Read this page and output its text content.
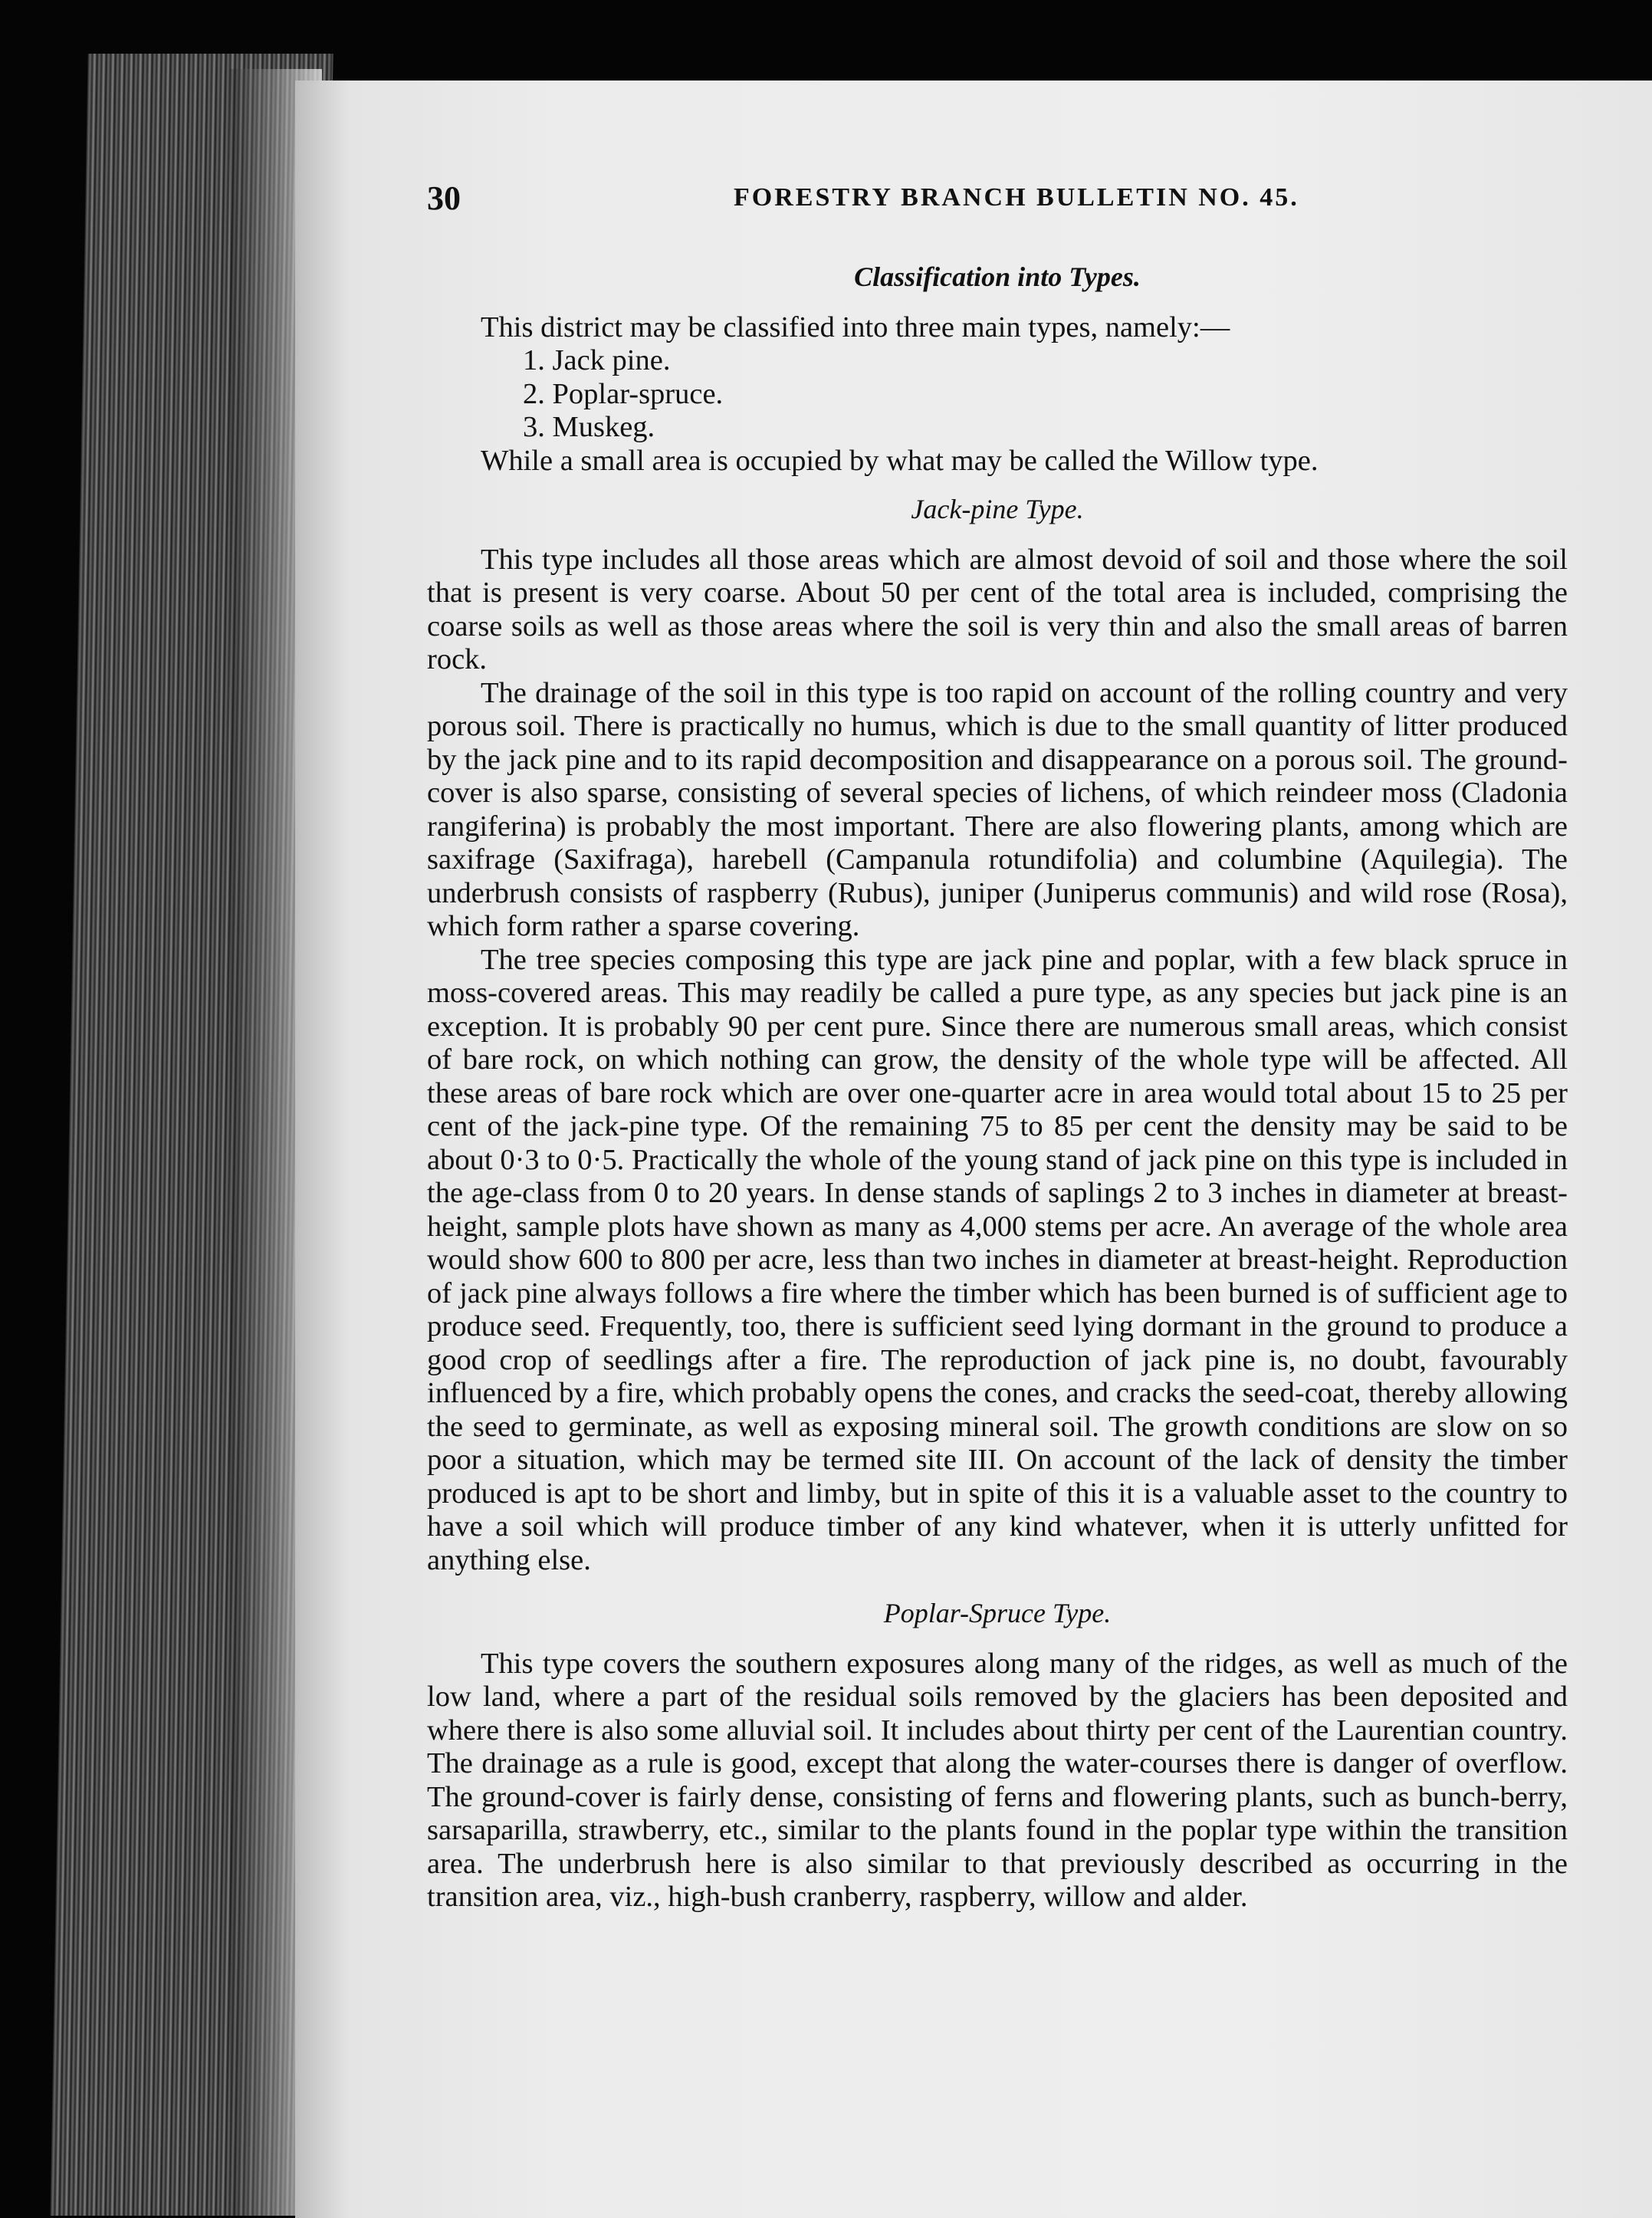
30	FORESTRY BRANCH BULLETIN NO. 45.
Classification into Types.

This district may be classified into three main types, namely:—

1. Jack pine.
2. Poplar-spruce.
3. Muskeg.

While a small area is occupied by what may be called the Willow type.

Jack-pine Type.

This type includes all those areas which are almost devoid of soil and those where the soil that is present is very coarse. About 50 per cent of the total area is included, comprising the coarse soils as well as those areas where the soil is very thin and also the small areas of barren rock.

The drainage of the soil in this type is too rapid on account of the rolling country and very porous soil. There is practically no humus, which is due to the small quantity of litter produced by the jack pine and to its rapid decomposition and disappearance on a porous soil. The ground-cover is also sparse, consisting of several species of lichens, of which reindeer moss (Cladonia rangiferina) is probably the most important. There are also flowering plants, among which are saxifrage (Saxifraga), harebell (Campanula rotundifolia) and columbine (Aquilegia). The underbrush consists of raspberry (Rubus), juniper (Juniperus communis) and wild rose (Rosa), which form rather a sparse covering.

The tree species composing this type are jack pine and poplar, with a few black spruce in moss-covered areas. This may readily be called a pure type, as any species but jack pine is an exception. It is probably 90 per cent pure. Since there are numerous small areas, which consist of bare rock, on which nothing can grow, the density of the whole type will be affected. All these areas of bare rock which are over one-quarter acre in area would total about 15 to 25 per cent of the jack-pine type. Of the remaining 75 to 85 per cent the density may be said to be about 0·3 to 0·5. Practically the whole of the young stand of jack pine on this type is included in the age-class from 0 to 20 years. In dense stands of saplings 2 to 3 inches in diameter at breast-height, sample plots have shown as many as 4,000 stems per acre. An average of the whole area would show 600 to 800 per acre, less than two inches in diameter at breast-height. Reproduction of jack pine always follows a fire where the timber which has been burned is of sufficient age to produce seed. Frequently, too, there is sufficient seed lying dormant in the ground to produce a good crop of seedlings after a fire. The reproduction of jack pine is, no doubt, favourably influenced by a fire, which probably opens the cones, and cracks the seed-coat, thereby allowing the seed to germinate, as well as exposing mineral soil. The growth conditions are slow on so poor a situation, which may be termed site III. On account of the lack of density the timber produced is apt to be short and limby, but in spite of this it is a valuable asset to the country to have a soil which will produce timber of any kind whatever, when it is utterly unfitted for anything else.

Poplar-Spruce Type.

This type covers the southern exposures along many of the ridges, as well as much of the low land, where a part of the residual soils removed by the glaciers has been deposited and where there is also some alluvial soil. It includes about thirty per cent of the Laurentian country. The drainage as a rule is good, except that along the water-courses there is danger of overflow. The ground-cover is fairly dense, consisting of ferns and flowering plants, such as bunch-berry, sarsaparilla, strawberry, etc., similar to the plants found in the poplar type within the transition area. The underbrush here is also similar to that previously described as occurring in the transition area, viz., high-bush cranberry, raspberry, willow and alder.
